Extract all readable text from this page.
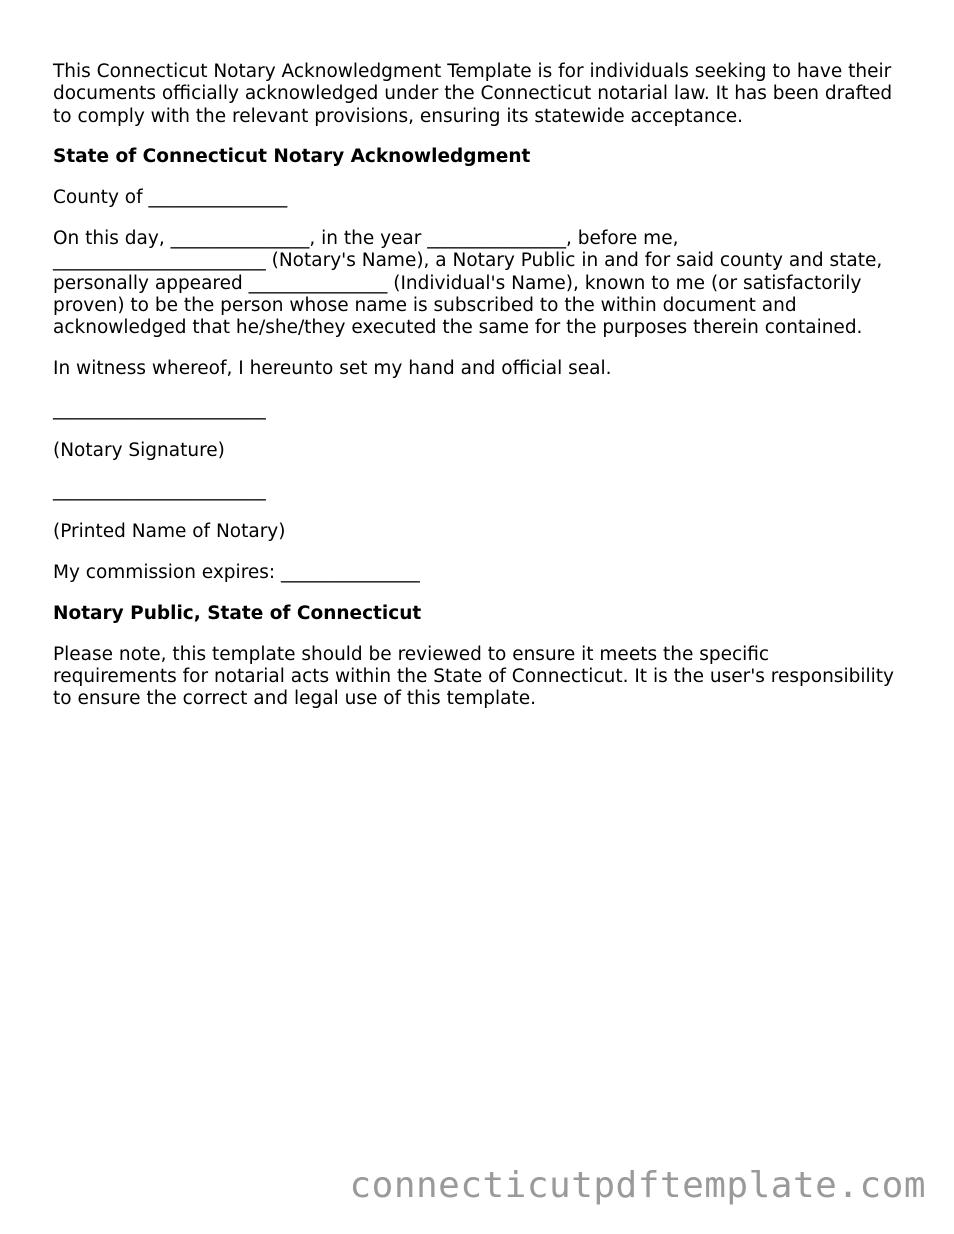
This Connecticut Notary Acknowledgment Template is for individuals seeking to have their
documents officially acknowledged under the Connecticut notarial law. It has been drafted
to comply with the relevant provisions, ensuring its statewide acceptance.

State of Connecticut Notary Acknowledgment

County of _______________

On this day, _______________, in the year _______________, before me,
_______________________ (Notary's Name), a Notary Public in and for said county and state,
personally appeared _______________ (Individual's Name), known to me (or satisfactorily
proven) to be the person whose name is subscribed to the within document and
acknowledged that he/she/they executed the same for the purposes therein contained.

In witness whereof, I hereunto set my hand and official seal.

_______________________

(Notary Signature)

_______________________

(Printed Name of Notary)

My commission expires: _______________

Notary Public, State of Connecticut

Please note, this template should be reviewed to ensure it meets the specific
requirements for notarial acts within the State of Connecticut. It is the user's responsibility
to ensure the correct and legal use of this template.

connecticutpdftemplate.com
